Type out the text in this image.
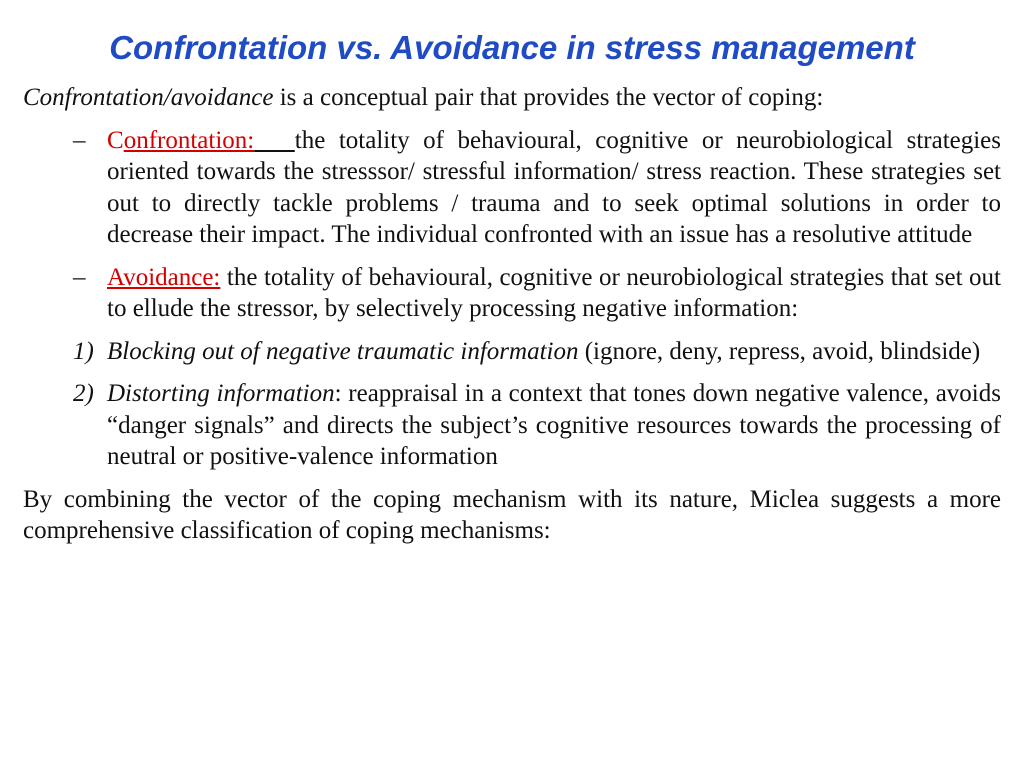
Confrontation vs. Avoidance in stress management

Confrontation/avoidance is a conceptual pair that provides the vector of coping:

– Confrontation: the totality of behavioural, cognitive or neurobiological strategies oriented towards the stresssor/ stressful information/ stress reaction. These strategies set out to directly tackle problems / trauma and to seek optimal solutions in order to decrease their impact. The individual confronted with an issue has a resolutive attitude

– Avoidance: the totality of behavioural, cognitive or neurobiological strategies that set out to ellude the stressor, by selectively processing negative information:

1) Blocking out of negative traumatic information (ignore, deny, repress, avoid, blindside)

2) Distorting information: reappraisal in a context that tones down negative valence, avoids “danger signals” and directs the subject’s cognitive resources towards the processing of neutral or positive-valence information

By combining the vector of the coping mechanism with its nature, Miclea suggests a more comprehensive classification of coping mechanisms:
